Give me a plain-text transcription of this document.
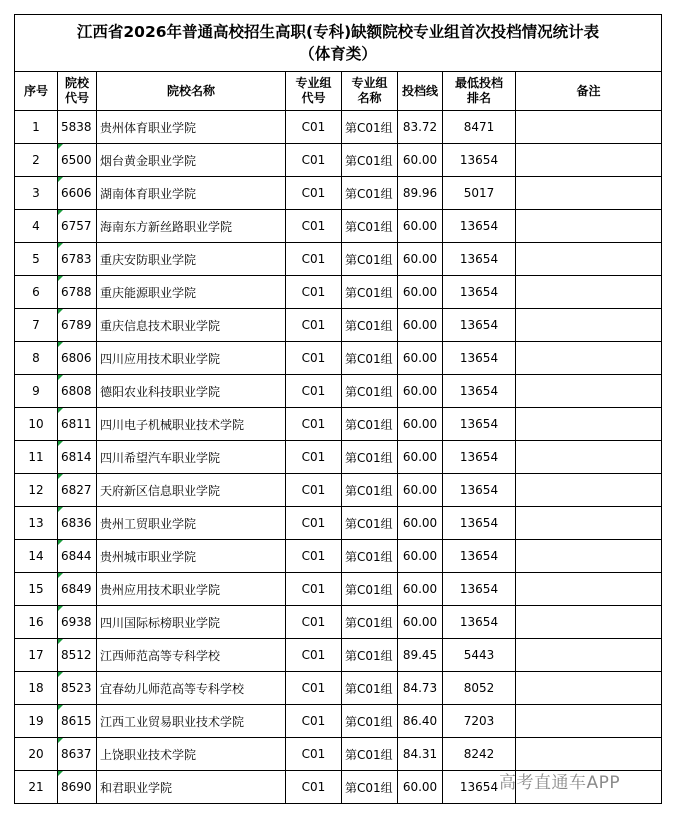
江西省2026年普通高校招生高职(专科)缺额院校专业组首次投档情况统计表
（体育类）							

序号	院校代号	院校名称	专业组代号	专业组名称	投档线	最低投档排名	备注
1	5838	贵州体育职业学院	C01	第C01组	83.72	8471	
2	6500	烟台黄金职业学院	C01	第C01组	60.00	13654	
3	6606	湖南体育职业学院	C01	第C01组	89.96	5017	
4	6757	海南东方新丝路职业学院	C01	第C01组	60.00	13654	
5	6783	重庆安防职业学院	C01	第C01组	60.00	13654	
6	6788	重庆能源职业学院	C01	第C01组	60.00	13654	
7	6789	重庆信息技术职业学院	C01	第C01组	60.00	13654	
8	6806	四川应用技术职业学院	C01	第C01组	60.00	13654	
9	6808	德阳农业科技职业学院	C01	第C01组	60.00	13654	
10	6811	四川电子机械职业技术学院	C01	第C01组	60.00	13654	
11	6814	四川希望汽车职业学院	C01	第C01组	60.00	13654	
12	6827	天府新区信息职业学院	C01	第C01组	60.00	13654	
13	6836	贵州工贸职业学院	C01	第C01组	60.00	13654	
14	6844	贵州城市职业学院	C01	第C01组	60.00	13654	
15	6849	贵州应用技术职业学院	C01	第C01组	60.00	13654	
16	6938	四川国际标榜职业学院	C01	第C01组	60.00	13654	
17	8512	江西师范高等专科学校	C01	第C01组	89.45	5443	
18	8523	宜春幼儿师范高等专科学校	C01	第C01组	84.73	8052	
19	8615	江西工业贸易职业技术学院	C01	第C01组	86.40	7203	
20	8637	上饶职业技术学院	C01	第C01组	84.31	8242	
21	8690	和君职业学院	C01	第C01组	60.00	13654	高考直通车APP
